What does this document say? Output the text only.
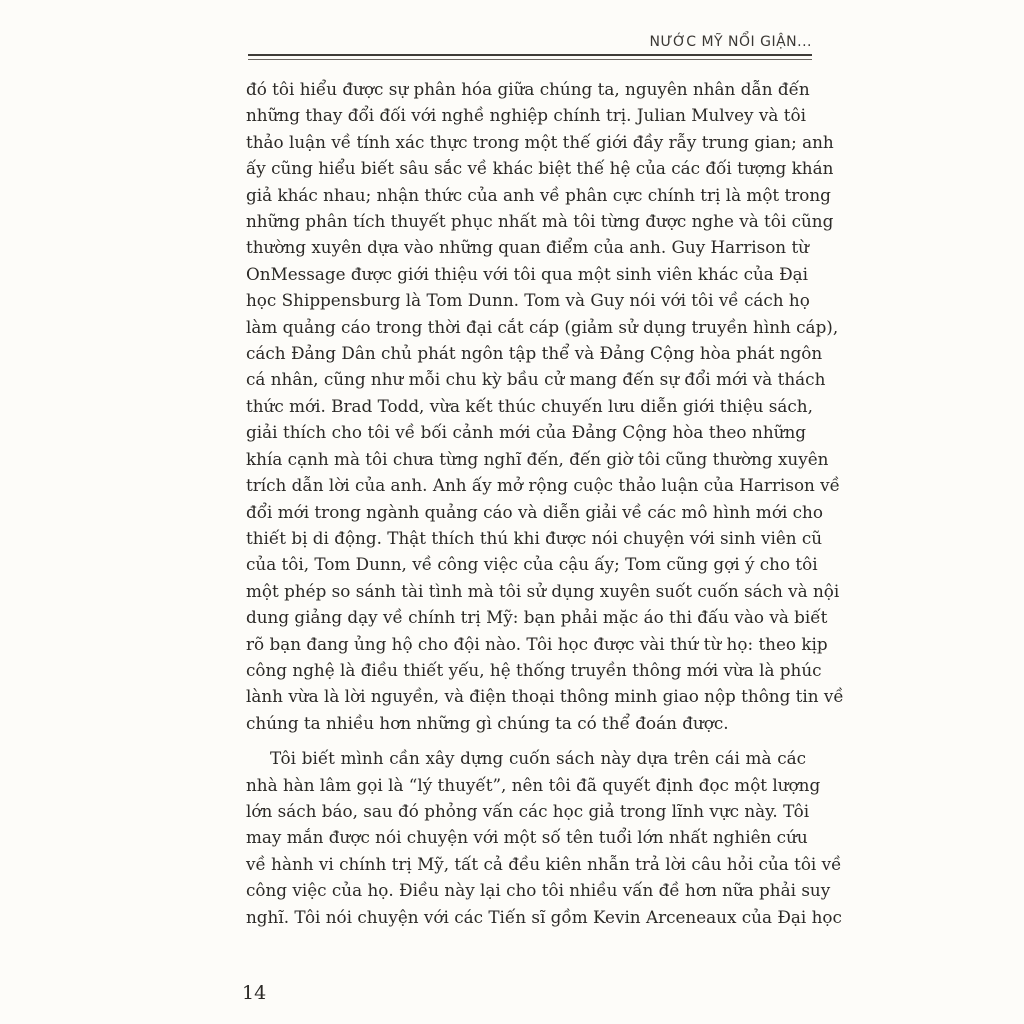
NƯỚC MỸ NỔI GIẬN...
đó tôi hiểu được sự phân hóa giữa chúng ta, nguyên nhân dẫn đến
những thay đổi đối với nghề nghiệp chính trị. Julian Mulvey và tôi
thảo luận về tính xác thực trong một thế giới đầy rẫy trung gian; anh
ấy cũng hiểu biết sâu sắc về khác biệt thế hệ của các đối tượng khán
giả khác nhau; nhận thức của anh về phân cực chính trị là một trong
những phân tích thuyết phục nhất mà tôi từng được nghe và tôi cũng
thường xuyên dựa vào những quan điểm của anh. Guy Harrison từ
OnMessage được giới thiệu với tôi qua một sinh viên khác của Đại
học Shippensburg là Tom Dunn. Tom và Guy nói với tôi về cách họ
làm quảng cáo trong thời đại cắt cáp (giảm sử dụng truyền hình cáp),
cách Đảng Dân chủ phát ngôn tập thể và Đảng Cộng hòa phát ngôn
cá nhân, cũng như mỗi chu kỳ bầu cử mang đến sự đổi mới và thách
thức mới. Brad Todd, vừa kết thúc chuyến lưu diễn giới thiệu sách,
giải thích cho tôi về bối cảnh mới của Đảng Cộng hòa theo những
khía cạnh mà tôi chưa từng nghĩ đến, đến giờ tôi cũng thường xuyên
trích dẫn lời của anh. Anh ấy mở rộng cuộc thảo luận của Harrison về
đổi mới trong ngành quảng cáo và diễn giải về các mô hình mới cho
thiết bị di động. Thật thích thú khi được nói chuyện với sinh viên cũ
của tôi, Tom Dunn, về công việc của cậu ấy; Tom cũng gợi ý cho tôi
một phép so sánh tài tình mà tôi sử dụng xuyên suốt cuốn sách và nội
dung giảng dạy về chính trị Mỹ: bạn phải mặc áo thi đấu vào và biết
rõ bạn đang ủng hộ cho đội nào. Tôi học được vài thứ từ họ: theo kịp
công nghệ là điều thiết yếu, hệ thống truyền thông mới vừa là phúc
lành vừa là lời nguyền, và điện thoại thông minh giao nộp thông tin về
chúng ta nhiều hơn những gì chúng ta có thể đoán được.
Tôi biết mình cần xây dựng cuốn sách này dựa trên cái mà các
nhà hàn lâm gọi là “lý thuyết”, nên tôi đã quyết định đọc một lượng
lớn sách báo, sau đó phỏng vấn các học giả trong lĩnh vực này. Tôi
may mắn được nói chuyện với một số tên tuổi lớn nhất nghiên cứu
về hành vi chính trị Mỹ, tất cả đều kiên nhẫn trả lời câu hỏi của tôi về
công việc của họ. Điều này lại cho tôi nhiều vấn đề hơn nữa phải suy
nghĩ. Tôi nói chuyện với các Tiến sĩ gồm Kevin Arceneaux của Đại học
14
